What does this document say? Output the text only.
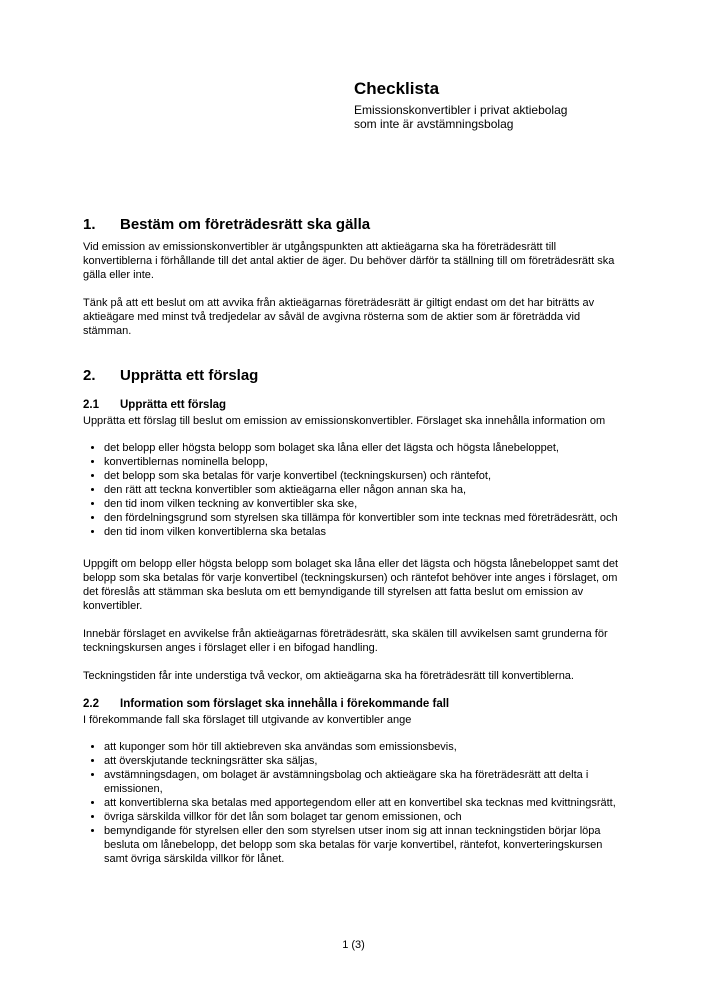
Checklista
Emissionskonvertibler i privat aktiebolag
som inte är avstämningsbolag
1.	Bestäm om företrädesrätt ska gälla

Vid emission av emissionskonvertibler är utgångspunkten att aktieägarna ska ha företrädesrätt till konvertiblerna i förhållande till det antal aktier de äger. Du behöver därför ta ställning till om företrädesrätt ska gälla eller inte.

Tänk på att ett beslut om att avvika från aktieägarnas företrädesrätt är giltigt endast om det har biträtts av aktieägare med minst två tredjedelar av såväl de avgivna rösterna som de aktier som är företrädda vid stämman.

2.	Upprätta ett förslag
2.1	Upprätta ett förslag

Upprätta ett förslag till beslut om emission av emissionskonvertibler. Förslaget ska innehålla information om

• det belopp eller högsta belopp som bolaget ska låna eller det lägsta och högsta lånebeloppet,
• konvertiblernas nominella belopp,
• det belopp som ska betalas för varje konvertibel (teckningskursen) och räntefot,
• den rätt att teckna konvertibler som aktieägarna eller någon annan ska ha,
• den tid inom vilken teckning av konvertibler ska ske,
• den fördelningsgrund som styrelsen ska tillämpa för konvertibler som inte tecknas med företrädesrätt, och
• den tid inom vilken konvertiblerna ska betalas

Uppgift om belopp eller högsta belopp som bolaget ska låna eller det lägsta och högsta lånebeloppet samt det belopp som ska betalas för varje konvertibel (teckningskursen) och räntefot behöver inte anges i förslaget, om det föreslås att stämman ska besluta om ett bemyndigande till styrelsen att fatta beslut om emission av konvertibler.

Innebär förslaget en avvikelse från aktieägarnas företrädesrätt, ska skälen till avvikelsen samt grunderna för teckningskursen anges i förslaget eller i en bifogad handling.

Teckningstiden får inte understiga två veckor, om aktieägarna ska ha företrädesrätt till konvertiblerna.

2.2	Information som förslaget ska innehålla i förekommande fall

I förekommande fall ska förslaget till utgivande av konvertibler ange

• att kuponger som hör till aktiebreven ska användas som emissionsbevis,
• att överskjutande teckningsrätter ska säljas,
• avstämningsdagen, om bolaget är avstämningsbolag och aktieägare ska ha företrädesrätt att delta i emissionen,
• att konvertiblerna ska betalas med apportegendom eller att en konvertibel ska tecknas med kvittningsrätt,
• övriga särskilda villkor för det lån som bolaget tar genom emissionen, och
• bemyndigande för styrelsen eller den som styrelsen utser inom sig att innan teckningstiden börjar löpa besluta om lånebelopp, det belopp som ska betalas för varje konvertibel, räntefot, konverteringskursen samt övriga särskilda villkor för lånet.
1 (3)
